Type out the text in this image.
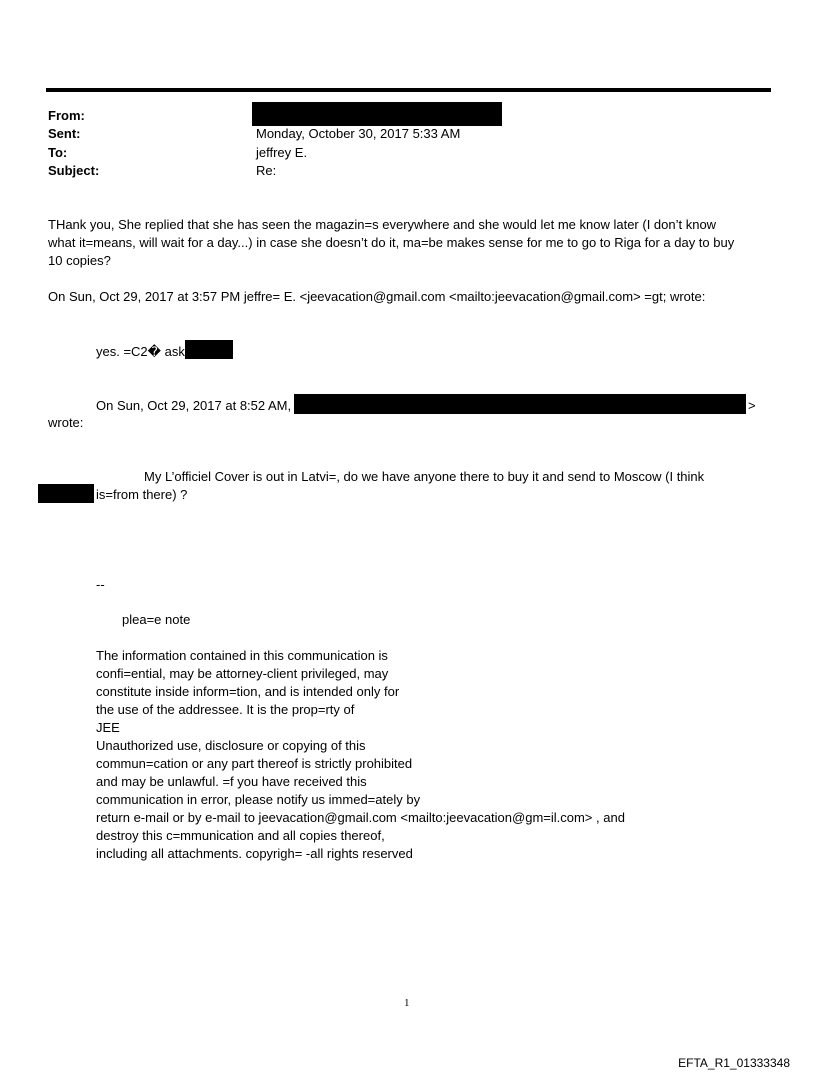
From:
Sent:	Monday, October 30, 2017 5:33 AM
To:	jeffrey E.
Subject:	Re:
THank you, She replied that she has seen the magazin=s everywhere and she would let me know later (I don’t know
what it=means, will wait for a day...) in case she doesn’t do it, ma=be makes sense for me to go to Riga for a day to buy
10 copies?
On Sun, Oct 29, 2017 at 3:57 PM jeffre= E. <jeevacation@gmail.com <mailto:jeevacation@gmail.com> =gt; wrote:
yes. =C2� ask
On Sun, Oct 29, 2017 at 8:52 AM,	>
wrote:
My L’officiel Cover is out in Latvi=, do we have anyone there to buy it and send to Moscow (I think
is=from there) ?
--
plea=e note
The information contained in this communication is
confi=ential, may be attorney-client privileged, may
constitute inside inform=tion, and is intended only for
the use of the addressee. It is the prop=rty of
JEE
Unauthorized use, disclosure or copying of this
commun=cation or any part thereof is strictly prohibited
and may be unlawful. =f you have received this
communication in error, please notify us immed=ately by
return e-mail or by e-mail to jeevacation@gmail.com <mailto:jeevacation@gm=il.com> , and
destroy this c=mmunication and all copies thereof,
including all attachments. copyrigh= -all rights reserved
1
EFTA_R1_01333348
